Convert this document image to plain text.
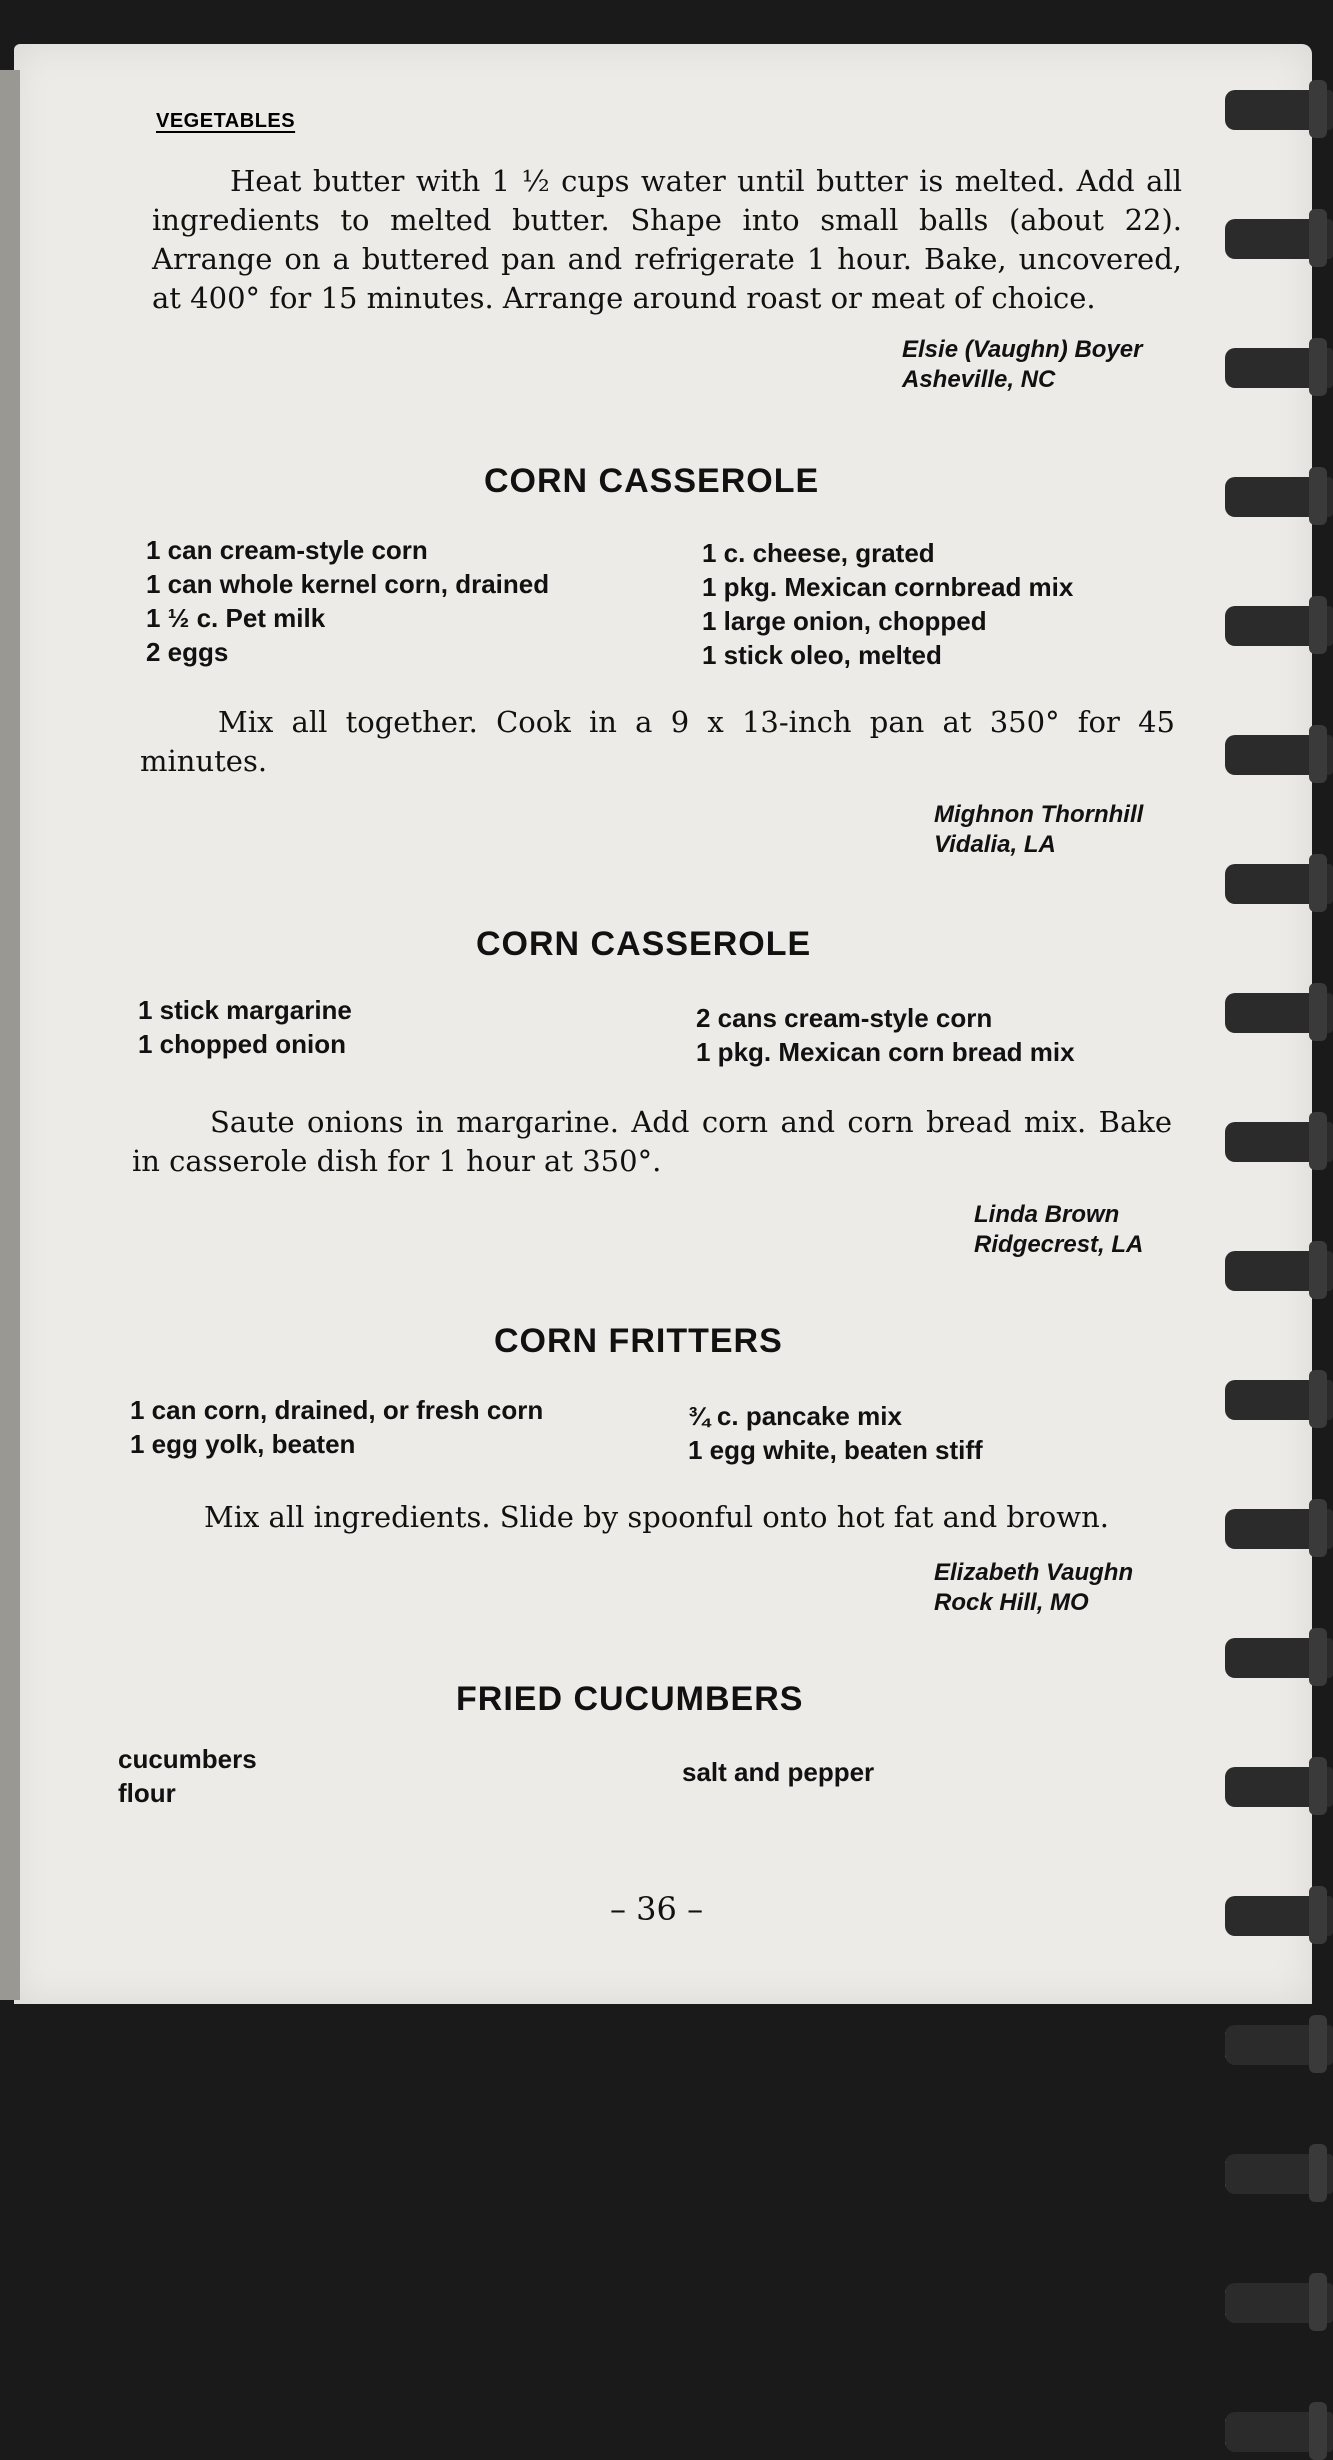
VEGETABLES

Heat butter with 1 ½ cups water until butter is melted. Add all ingredients to melted butter. Shape into small balls (about 22). Arrange on a buttered pan and refrigerate 1 hour. Bake, uncovered, at 400° for 15 minutes. Arrange around roast or meat of choice.

Elsie (Vaughn) Boyer
Asheville, NC
CORN CASSEROLE
1 can cream-style corn
1 can whole kernel corn, drained
1 ½ c. Pet milk
2 eggs
1 c. cheese, grated
1 pkg. Mexican cornbread mix
1 large onion, chopped
1 stick oleo, melted

Mix all together. Cook in a 9 x 13-inch pan at 350° for 45 minutes.

Mighnon Thornhill
Vidalia, LA
CORN CASSEROLE
1 stick margarine
1 chopped onion
2 cans cream-style corn
1 pkg. Mexican corn bread mix

Saute onions in margarine. Add corn and corn bread mix. Bake in casserole dish for 1 hour at 350°.

Linda Brown
Ridgecrest, LA
CORN FRITTERS
1 can corn, drained, or fresh corn
1 egg yolk, beaten
¾ c. pancake mix
1 egg white, beaten stiff

Mix all ingredients. Slide by spoonful onto hot fat and brown.

Elizabeth Vaughn
Rock Hill, MO
FRIED CUCUMBERS
cucumbers
flour
salt and pepper
– 36 –
